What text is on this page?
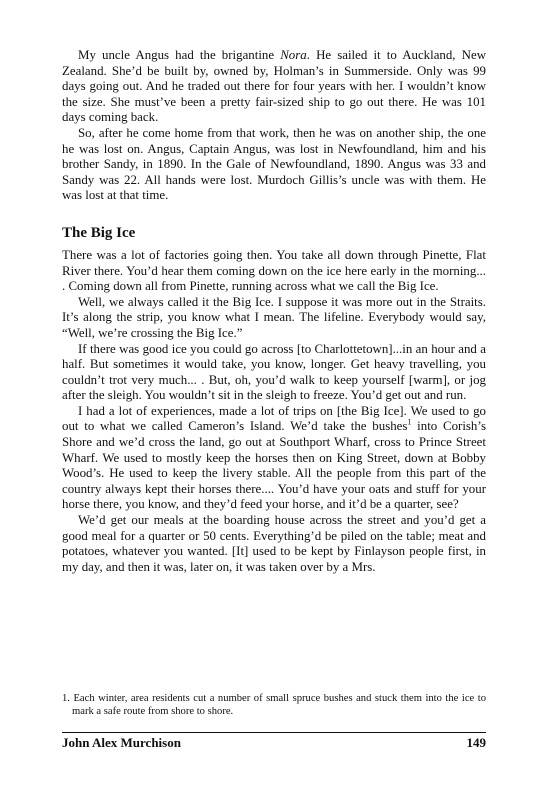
My uncle Angus had the brigantine Nora. He sailed it to Auckland, New Zealand. She’d be built by, owned by, Holman’s in Summerside. Only was 99 days going out. And he traded out there for four years with her. I wouldn’t know the size. She must’ve been a pretty fair-sized ship to go out there. He was 101 days coming back.

So, after he come home from that work, then he was on another ship, the one he was lost on. Angus, Captain Angus, was lost in Newfoundland, him and his brother Sandy, in 1890. In the Gale of Newfoundland, 1890. Angus was 33 and Sandy was 22. All hands were lost. Murdoch Gillis’s uncle was with them. He was lost at that time.

The Big Ice

There was a lot of factories going then. You take all down through Pinette, Flat River there. You’d hear them coming down on the ice here early in the morning... . Coming down all from Pinette, running across what we call the Big Ice.

Well, we always called it the Big Ice. I suppose it was more out in the Straits. It’s along the strip, you know what I mean. The lifeline. Everybody would say, “Well, we’re crossing the Big Ice.”

If there was good ice you could go across [to Charlottetown]...in an hour and a half. But sometimes it would take, you know, longer. Get heavy travelling, you couldn’t trot very much... . But, oh, you’d walk to keep yourself [warm], or jog after the sleigh. You wouldn’t sit in the sleigh to freeze. You’d get out and run.

I had a lot of experiences, made a lot of trips on [the Big Ice]. We used to go out to what we called Cameron’s Island. We’d take the bushes$^1$ into Corish’s Shore and we’d cross the land, go out at Southport Wharf, cross to Prince Street Wharf. We used to mostly keep the horses then on King Street, down at Bobby Wood’s. He used to keep the livery stable. All the people from this part of the country always kept their horses there.... You’d have your oats and stuff for your horse there, you know, and they’d feed your horse, and it’d be a quarter, see?

We’d get our meals at the boarding house across the street and you’d get a good meal for a quarter or 50 cents. Everything’d be piled on the table; meat and potatoes, whatever you wanted. [It] used to be kept by Finlayson people first, in my day, and then it was, later on, it was taken over by a Mrs.

1. Each winter, area residents cut a number of small spruce bushes and stuck them into the ice to mark a safe route from shore to shore.

John Alex Murchison	149
